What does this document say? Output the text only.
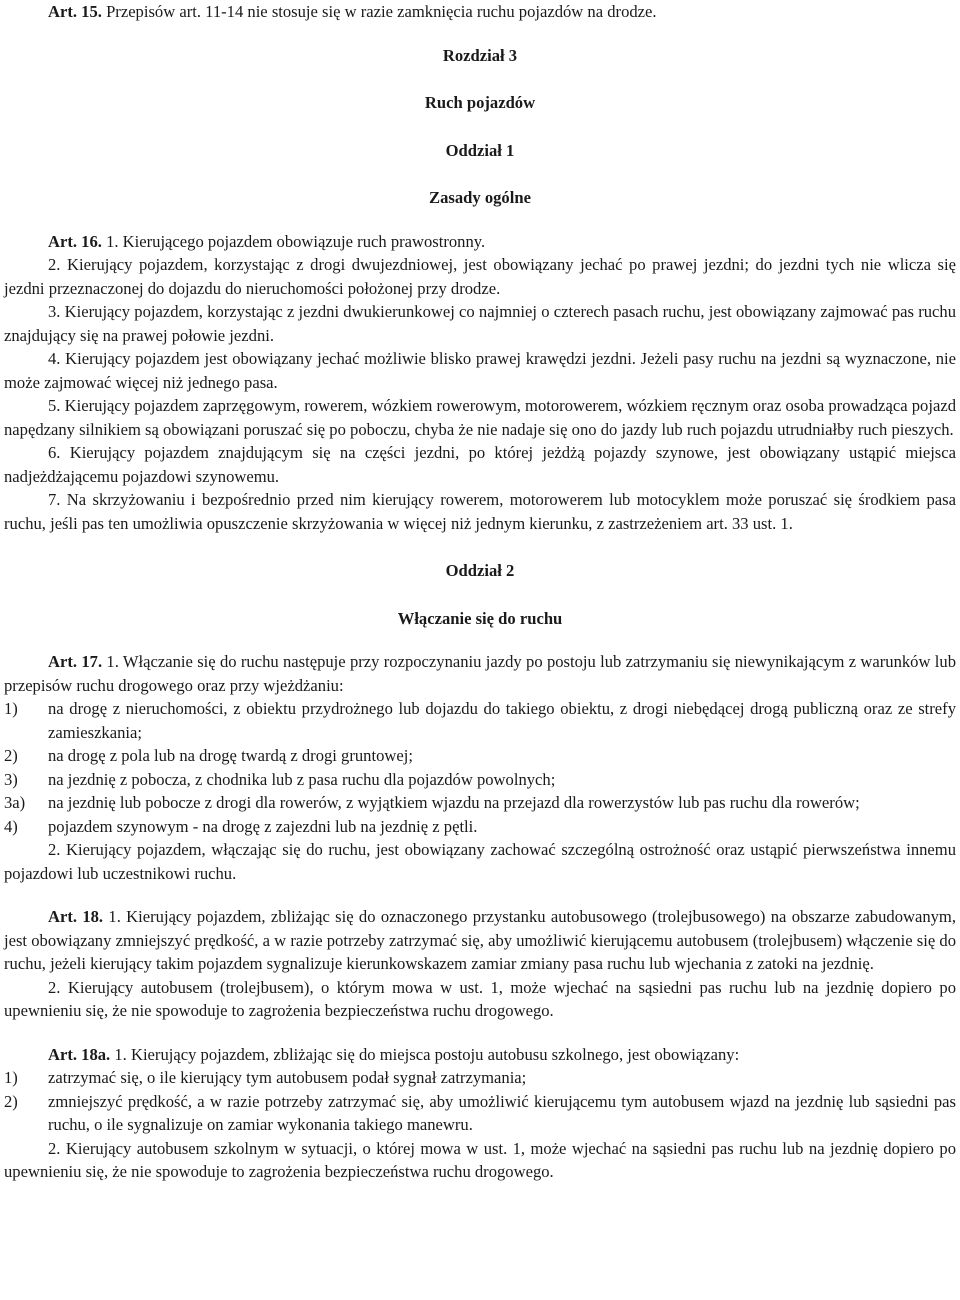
Art. 15. Przepisów art. 11-14 nie stosuje się w razie zamknięcia ruchu pojazdów na drodze.

Rozdział 3

Ruch pojazdów

Oddział 1

Zasady ogólne

Art. 16. 1. Kierującego pojazdem obowiązuje ruch prawostronny.

2. Kierujący pojazdem, korzystając z drogi dwujezdniowej, jest obowiązany jechać po prawej jezdni; do jezdni tych nie wlicza się jezdni przeznaczonej do dojazdu do nieruchomości położonej przy drodze.

3. Kierujący pojazdem, korzystając z jezdni dwukierunkowej co najmniej o czterech pasach ruchu, jest obowiązany zajmować pas ruchu znajdujący się na prawej połowie jezdni.

4. Kierujący pojazdem jest obowiązany jechać możliwie blisko prawej krawędzi jezdni. Jeżeli pasy ruchu na jezdni są wyznaczone, nie może zajmować więcej niż jednego pasa.

5. Kierujący pojazdem zaprzęgowym, rowerem, wózkiem rowerowym, motorowerem, wózkiem ręcznym oraz osoba prowadząca pojazd napędzany silnikiem są obowiązani poruszać się po poboczu, chyba że nie nadaje się ono do jazdy lub ruch pojazdu utrudniałby ruch pieszych.

6. Kierujący pojazdem znajdującym się na części jezdni, po której jeżdżą pojazdy szynowe, jest obowiązany ustąpić miejsca nadjeżdżającemu pojazdowi szynowemu.

7. Na skrzyżowaniu i bezpośrednio przed nim kierujący rowerem, motorowerem lub motocyklem może poruszać się środkiem pasa ruchu, jeśli pas ten umożliwia opuszczenie skrzyżowania w więcej niż jednym kierunku, z zastrzeżeniem art. 33 ust. 1.

Oddział 2

Włączanie się do ruchu

Art. 17. 1. Włączanie się do ruchu następuje przy rozpoczynaniu jazdy po postoju lub zatrzymaniu się niewynikającym z warunków lub przepisów ruchu drogowego oraz przy wjeżdżaniu:

1)	na drogę z nieruchomości, z obiektu przydrożnego lub dojazdu do takiego obiektu, z drogi niebędącej drogą publiczną oraz ze strefy zamieszkania;
2)	na drogę z pola lub na drogę twardą z drogi gruntowej;
3)	na jezdnię z pobocza, z chodnika lub z pasa ruchu dla pojazdów powolnych;
3a)	na jezdnię lub pobocze z drogi dla rowerów, z wyjątkiem wjazdu na przejazd dla rowerzystów lub pas ruchu dla rowerów;
4)	pojazdem szynowym - na drogę z zajezdni lub na jezdnię z pętli.

2. Kierujący pojazdem, włączając się do ruchu, jest obowiązany zachować szczególną ostrożność oraz ustąpić pierwszeństwa innemu pojazdowi lub uczestnikowi ruchu.

Art. 18. 1. Kierujący pojazdem, zbliżając się do oznaczonego przystanku autobusowego (trolejbusowego) na obszarze zabudowanym, jest obowiązany zmniejszyć prędkość, a w razie potrzeby zatrzymać się, aby umożliwić kierującemu autobusem (trolejbusem) włączenie się do ruchu, jeżeli kierujący takim pojazdem sygnalizuje kierunkowskazem zamiar zmiany pasa ruchu lub wjechania z zatoki na jezdnię.

2. Kierujący autobusem (trolejbusem), o którym mowa w ust. 1, może wjechać na sąsiedni pas ruchu lub na jezdnię dopiero po upewnieniu się, że nie spowoduje to zagrożenia bezpieczeństwa ruchu drogowego.

Art. 18a. 1. Kierujący pojazdem, zbliżając się do miejsca postoju autobusu szkolnego, jest obowiązany:

1)	zatrzymać się, o ile kierujący tym autobusem podał sygnał zatrzymania;
2)	zmniejszyć prędkość, a w razie potrzeby zatrzymać się, aby umożliwić kierującemu tym autobusem wjazd na jezdnię lub sąsiedni pas ruchu, o ile sygnalizuje on zamiar wykonania takiego manewru.

2. Kierujący autobusem szkolnym w sytuacji, o której mowa w ust. 1, może wjechać na sąsiedni pas ruchu lub na jezdnię dopiero po upewnieniu się, że nie spowoduje to zagrożenia bezpieczeństwa ruchu drogowego.
